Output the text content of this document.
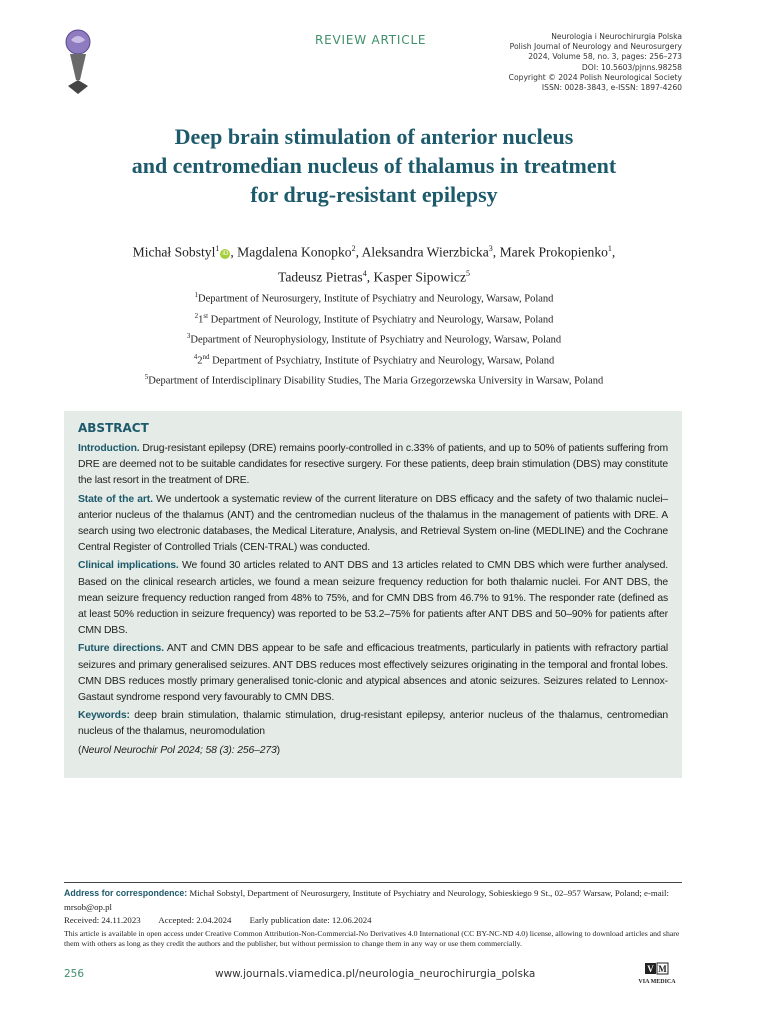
REVIEW ARTICLE	Neurologia i Neurochirurgia Polska
Polish Journal of Neurology and Neurosurgery
2024, Volume 58, no. 3, pages: 256–273
DOI: 10.5603/pjnns.98258
Copyright © 2024 Polish Neurological Society
ISSN: 0028-3843, e-ISSN: 1897-4260
Deep brain stimulation of anterior nucleus
and centromedian nucleus of thalamus in treatment
for drug-resistant epilepsy
Michał Sobstyl$^1$iD , Magdalena Konopko$^2$, Aleksandra Wierzbicka$^3$, Marek Prokopienko$^1$,
Tadeusz Pietras$^4$, Kasper Sipowicz$^5$
$^1$Department of Neurosurgery, Institute of Psychiatry and Neurology, Warsaw, Poland
$^2$1st Department of Neurology, Institute of Psychiatry and Neurology, Warsaw, Poland
$^3$Department of Neurophysiology, Institute of Psychiatry and Neurology, Warsaw, Poland
$^4$2nd Department of Psychiatry, Institute of Psychiatry and Neurology, Warsaw, Poland
$^5$Department of Interdisciplinary Disability Studies, The Maria Grzegorzewska University in Warsaw, Poland
ABSTRACT

Introduction. Drug-resistant epilepsy (DRE) remains poorly-controlled in c.33% of patients, and up to 50% of patients suffering from DRE are deemed not to be suitable candidates for resective surgery. For these patients, deep brain stimulation (DBS) may constitute the last resort in the treatment of DRE.

State of the art. We undertook a systematic review of the current literature on DBS efficacy and the safety of two thalamic nuclei–anterior nucleus of the thalamus (ANT) and the centromedian nucleus of the thalamus in the management of patients with DRE. A search using two electronic databases, the Medical Literature, Analysis, and Retrieval System on-line (MEDLINE) and the Cochrane Central Register of Controlled Trials (CEN-TRAL) was conducted.

Clinical implications. We found 30 articles related to ANT DBS and 13 articles related to CMN DBS which were further analysed. Based on the clinical research articles, we found a mean seizure frequency reduction for both thalamic nuclei. For ANT DBS, the mean seizure frequency reduction ranged from 48% to 75%, and for CMN DBS from 46.7% to 91%. The responder rate (defined as at least 50% reduction in seizure frequency) was reported to be 53.2–75% for patients after ANT DBS and 50–90% for patients after CMN DBS.

Future directions. ANT and CMN DBS appear to be safe and efficacious treatments, particularly in patients with refractory partial seizures and primary generalised seizures. ANT DBS reduces most effectively seizures originating in the temporal and frontal lobes. CMN DBS reduces mostly primary generalised tonic-clonic and atypical absences and atonic seizures. Seizures related to Lennox-Gastaut syndrome respond very favourably to CMN DBS.

Keywords: deep brain stimulation, thalamic stimulation, drug-resistant epilepsy, anterior nucleus of the thalamus, centromedian nucleus of the thalamus, neuromodulation

(Neurol Neurochir Pol 2024; 58 (3): 256–273)

Address for correspondence: Michał Sobstyl, Department of Neurosurgery, Institute of Psychiatry and Neurology, Sobieskiego 9 St., 02–957 Warsaw, Poland; e-mail: mrsob@op.pl
Received: 24.11.2023 Accepted: 2.04.2024 Early publication date: 12.06.2024
This article is available in open access under Creative Common Attribution-Non-Commercial-No Derivatives 4.0 International (CC BY-NC-ND 4.0) license, allowing to download articles and share them with others as long as they credit the authors and the publisher, but without permission to change them in any way or use them commercially.
256	www.journals.viamedica.pl/neurologia_neurochirurgia_polska	V M
VIA MEDICA
